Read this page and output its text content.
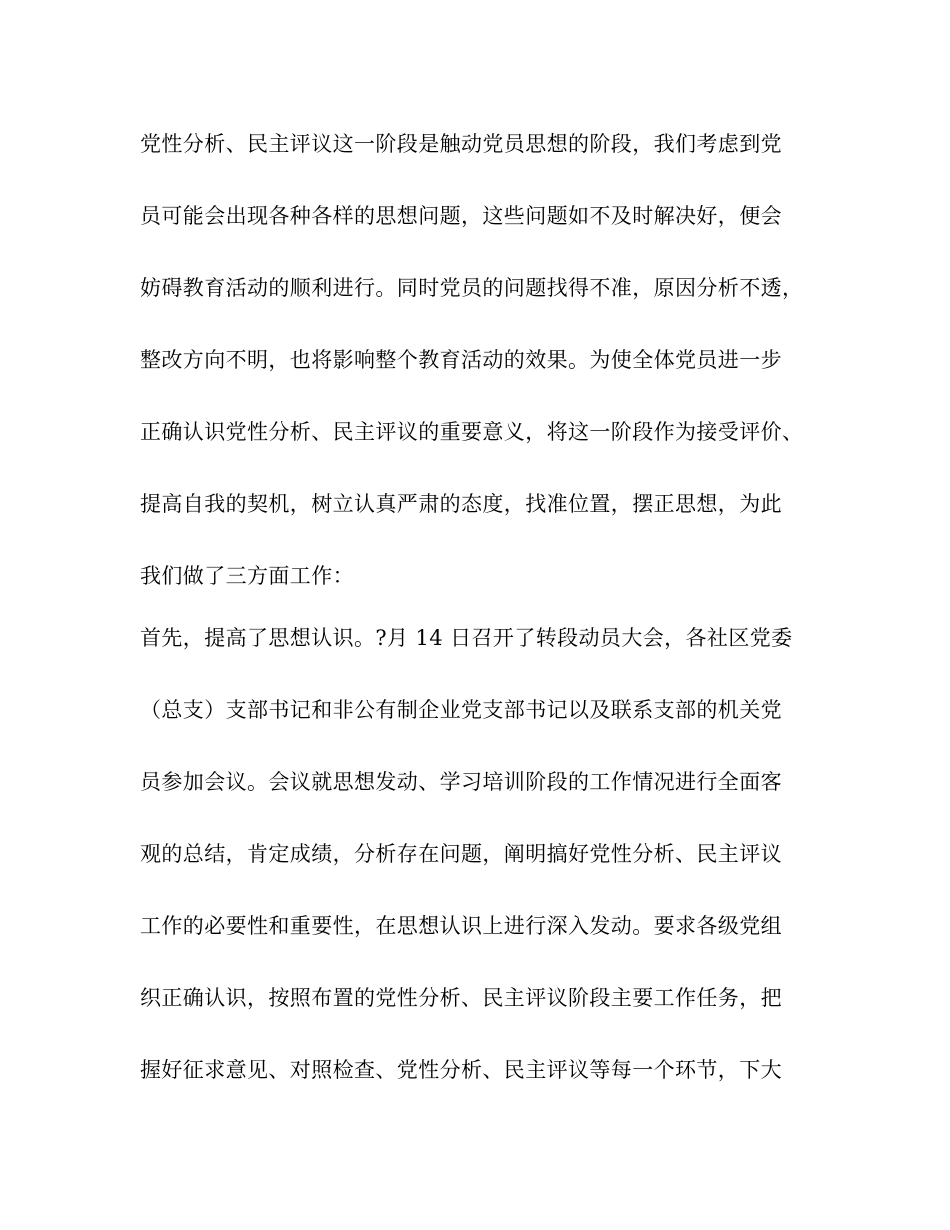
党性分析、民主评议这一阶段是触动党员思想的阶段，我们考虑到党
员可能会出现各种各样的思想问题，这些问题如不及时解决好，便会
妨碍教育活动的顺利进行。同时党员的问题找得不准，原因分析不透，
整改方向不明，也将影响整个教育活动的效果。为使全体党员进一步
正确认识党性分析、民主评议的重要意义，将这一阶段作为接受评价、
提高自我的契机，树立认真严肃的态度，找准位置，摆正思想，为此
我们做了三方面工作：
首先，提高了思想认识。?月 14 日召开了转段动员大会，各社区党委
（总支）支部书记和非公有制企业党支部书记以及联系支部的机关党
员参加会议。会议就思想发动、学习培训阶段的工作情况进行全面客
观的总结，肯定成绩，分析存在问题，阐明搞好党性分析、民主评议
工作的必要性和重要性，在思想认识上进行深入发动。要求各级党组
织正确认识，按照布置的党性分析、民主评议阶段主要工作任务，把
握好征求意见、对照检查、党性分析、民主评议等每一个环节，下大
